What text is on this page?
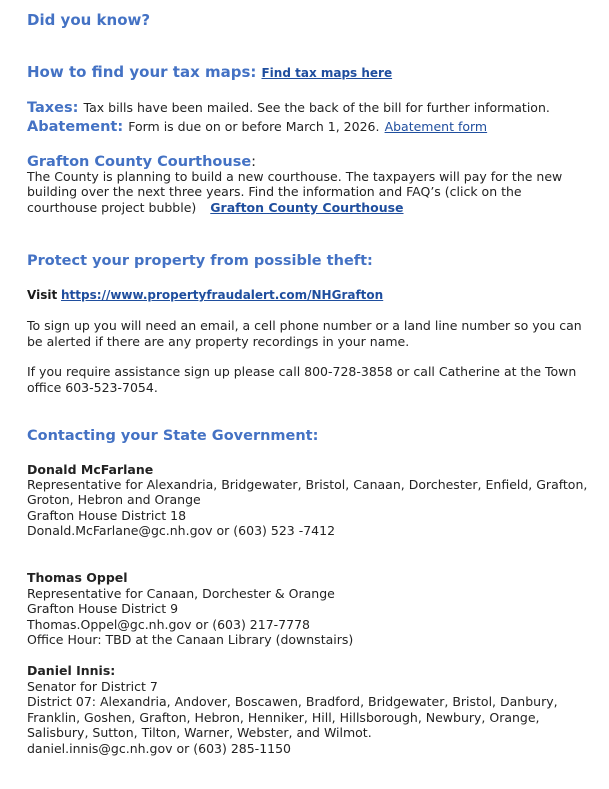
Did you know?
How to find your tax maps: Find tax maps here
Taxes: Tax bills have been mailed. See the back of the bill for further information.
Abatement: Form is due on or before March 1, 2026. Abatement form
Grafton County Courthouse:
The County is planning to build a new courthouse. The taxpayers will pay for the new
building over the next three years. Find the information and FAQ’s (click on the
courthouse project bubble) Grafton County Courthouse
Protect your property from possible theft:
Visit https://www.propertyfraudalert.com/NHGrafton
To sign up you will need an email, a cell phone number or a land line number so you can
be alerted if there are any property recordings in your name.
If you require assistance sign up please call 800-728-3858 or call Catherine at the Town
office 603-523-7054.
Contacting your State Government:
Donald McFarlane
Representative for Alexandria, Bridgewater, Bristol, Canaan, Dorchester, Enfield, Grafton,
Groton, Hebron and Orange
Grafton House District 18
Donald.McFarlane@gc.nh.gov or (603) 523 -7412
Thomas Oppel
Representative for Canaan, Dorchester & Orange
Grafton House District 9
Thomas.Oppel@gc.nh.gov or (603) 217-7778
Office Hour: TBD at the Canaan Library (downstairs)
Daniel Innis:
Senator for District 7
District 07: Alexandria, Andover, Boscawen, Bradford, Bridgewater, Bristol, Danbury,
Franklin, Goshen, Grafton, Hebron, Henniker, Hill, Hillsborough, Newbury, Orange,
Salisbury, Sutton, Tilton, Warner, Webster, and Wilmot.
daniel.innis@gc.nh.gov or (603) 285-1150
